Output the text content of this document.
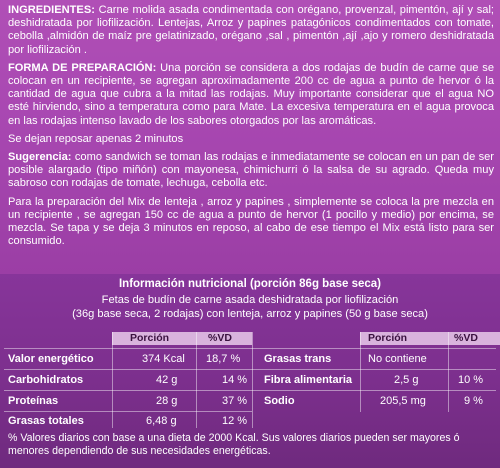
INGREDIENTES: Carne molida asada condimentada con orégano, provenzal, pimentón, ají y sal; deshidratada por liofilización. Lentejas, Arroz y papines patagónicos condimentados con tomate, cebolla ,almidón de maíz pre gelatinizado, orégano ,sal , pimentón ,ají ,ajo y romero deshidratada por liofilización .

FORMA DE PREPARACIÓN: Una porción se considera a dos rodajas de budín de carne que se colocan en un recipiente, se agregan aproximadamente 200 cc de agua a punto de hervor ó la cantidad de agua que cubra a la mitad las rodajas. Muy importante considerar que el agua NO esté hirviendo, sino a temperatura como para Mate. La excesiva temperatura en el agua provoca en las rodajas intenso lavado de los sabores otorgados por las aromáticas.

Se dejan reposar apenas 2 minutos

Sugerencia: como sandwich se toman las rodajas e inmediatamente se colocan en un pan de ser posible alargado (tipo miñón) con mayonesa, chimichurri ó la salsa de su agrado. Queda muy sabroso con rodajas de tomate, lechuga, cebolla etc.

Para la preparación del Mix de lenteja , arroz y papines , simplemente se coloca la pre mezcla en un recipiente , se agregan 150 cc de agua a punto de hervor (1 pocillo y medio) por encima, se mezcla. Se tapa y se deja 3 minutos en reposo, al cabo de ese tiempo el Mix está listo para ser consumido.

Información nutricional (porción 86g base seca)
Fetas de budín de carne asada deshidratada por liofilización
(36g base seca, 2 rodajas) con lenteja, arroz y papines (50 g base seca)
Porción	%VD	Porción	%VD
Valor energético	374 Kcal 18,7 %
Carbohidratos	42 g	14 %
Proteínas	28 g	37 %
Grasas totales	6,48 g	12 %
Grasas trans	No contiene
Fibra alimentaria	2,5 g	10 %
Sodio	205,5 mg	9 %
% Valores diarios con base a una dieta de 2000 Kcal. Sus valores diarios pueden ser mayores ó menores dependiendo de sus necesidades energéticas.
